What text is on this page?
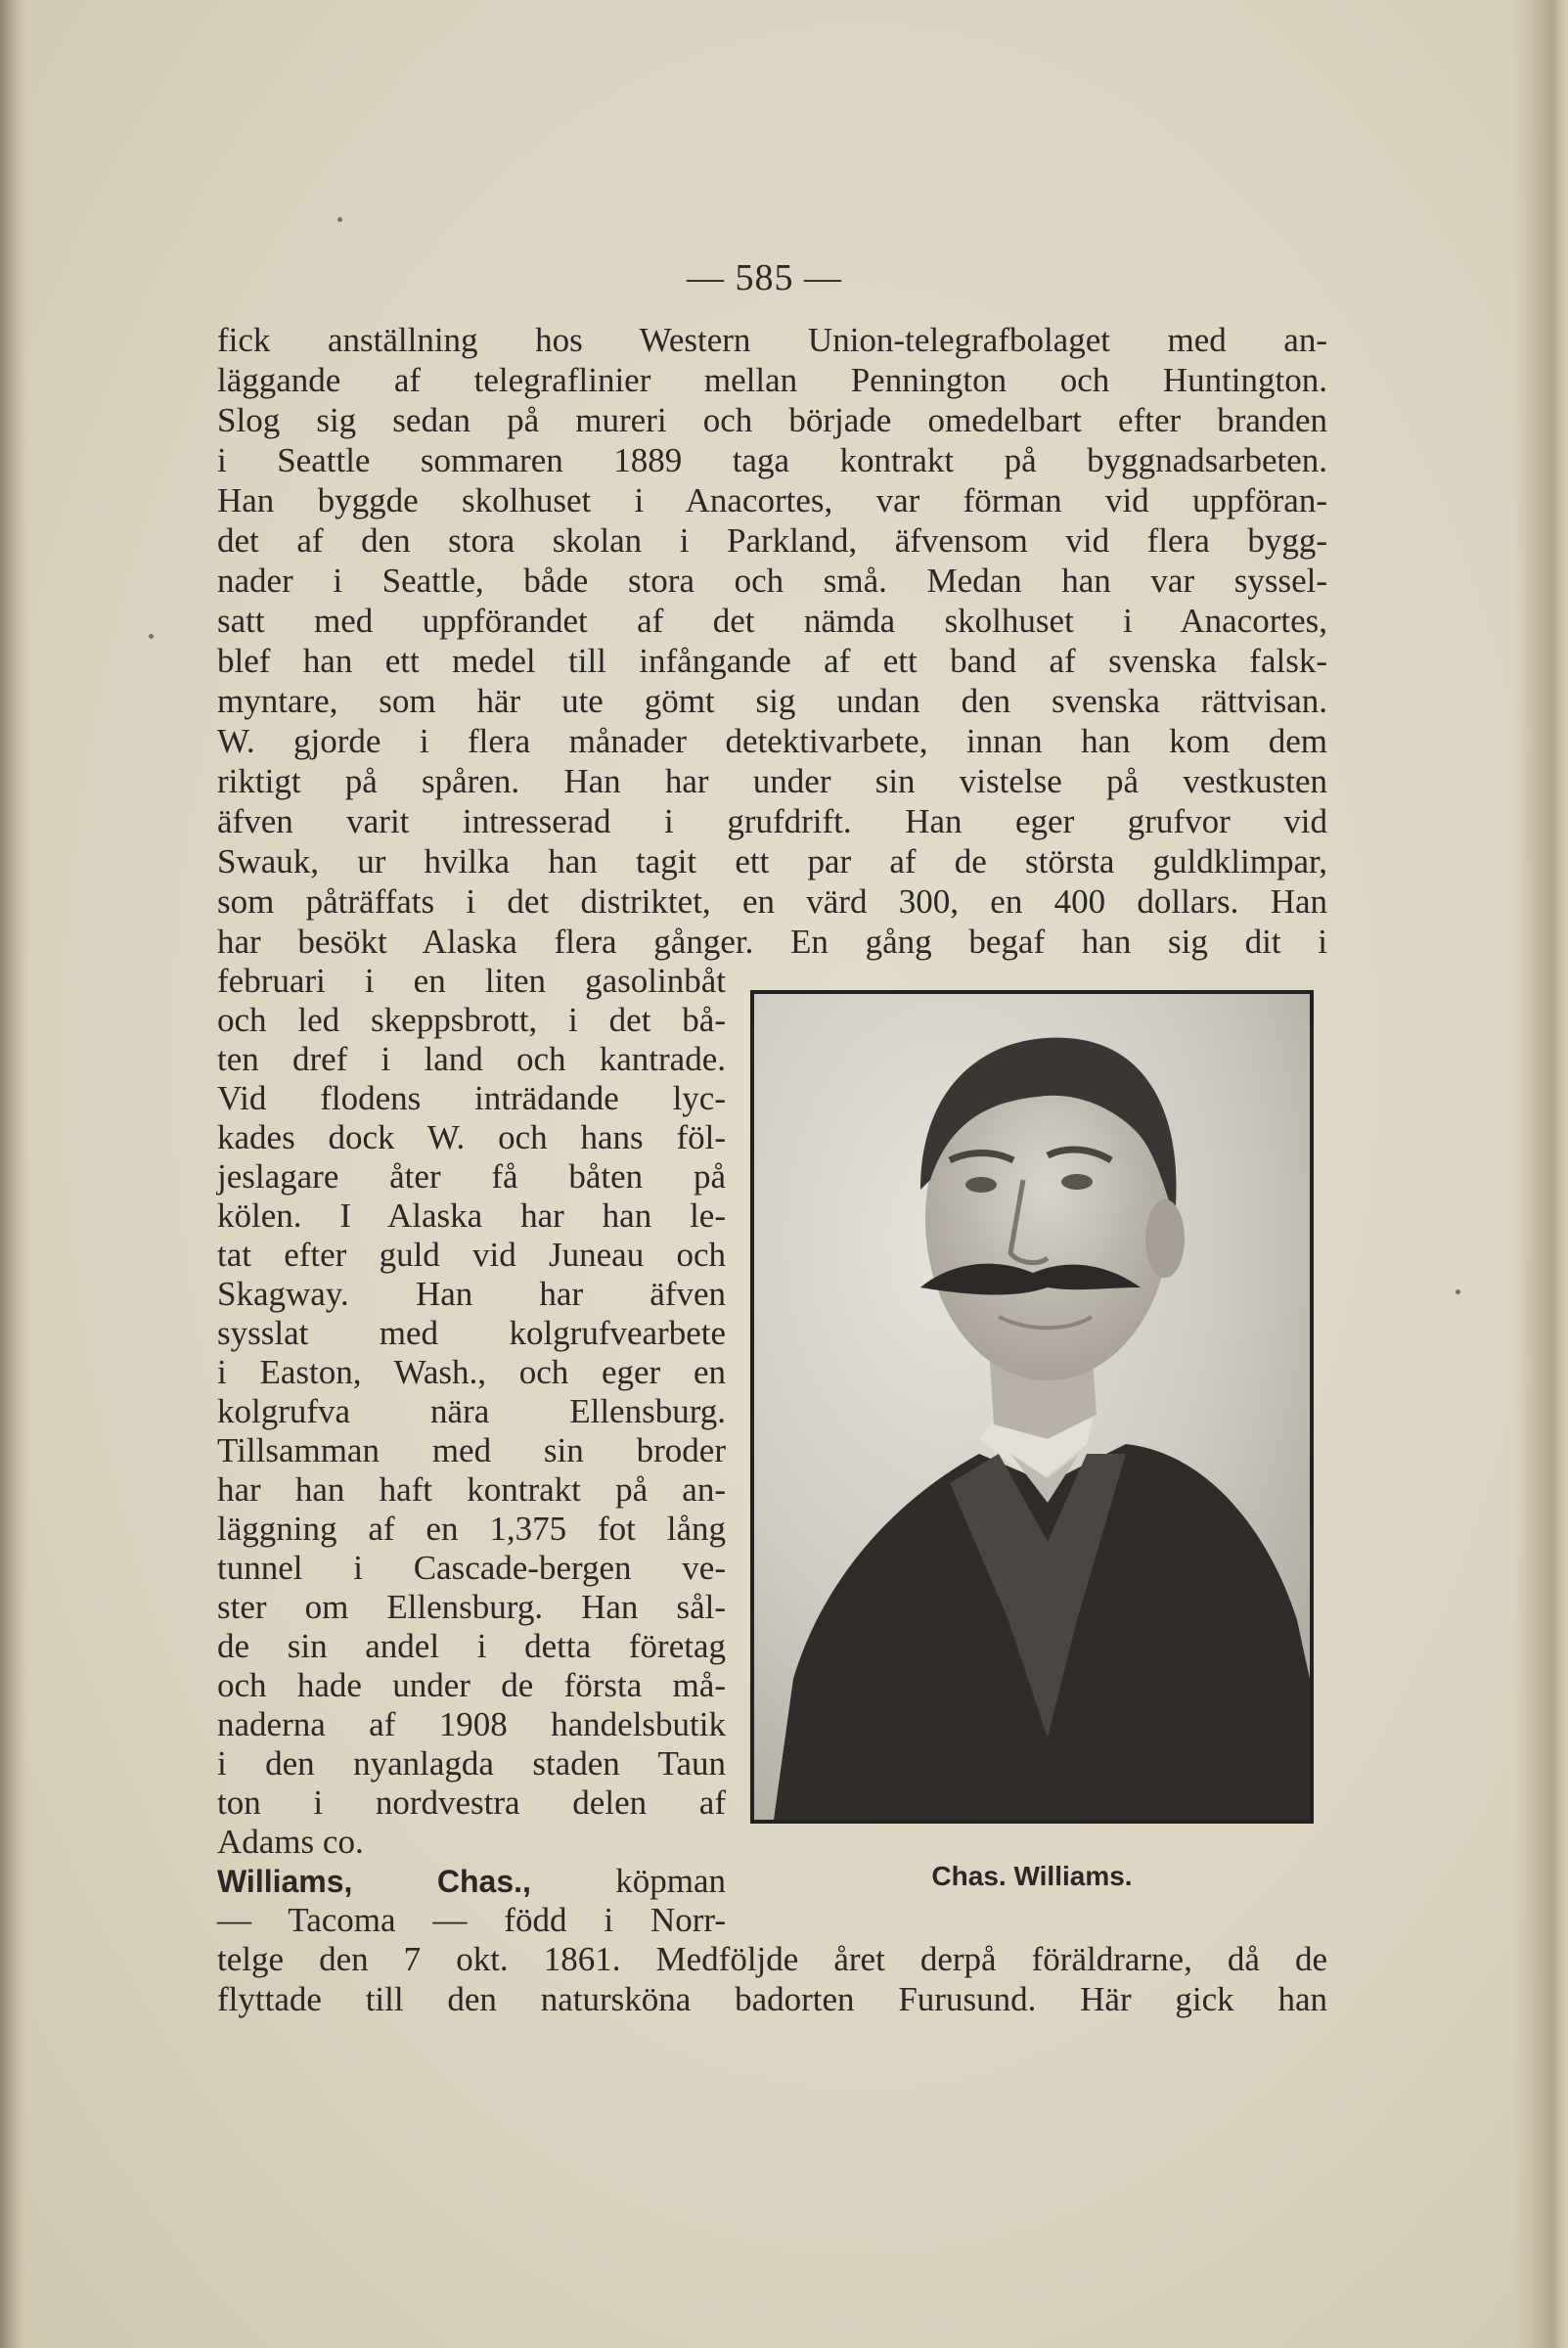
— 585 —
fick anställning hos Western Union-telegrafbolaget med an-
läggande af telegraflinier mellan Pennington och Huntington.
Slog sig sedan på mureri och började omedelbart efter branden
i Seattle sommaren 1889 taga kontrakt på byggnadsarbeten.
Han byggde skolhuset i Anacortes, var förman vid uppföran-
det af den stora skolan i Parkland, äfvensom vid flera bygg-
nader i Seattle, både stora och små. Medan han var syssel-
satt med uppförandet af det nämda skolhuset i Anacortes,
blef han ett medel till infångande af ett band af svenska falsk-
myntare, som här ute gömt sig undan den svenska rättvisan.
W. gjorde i flera månader detektivarbete, innan han kom dem
riktigt på spåren. Han har under sin vistelse på vestkusten
äfven varit intresserad i grufdrift. Han eger grufvor vid
Swauk, ur hvilka han tagit ett par af de största guldklimpar,
som påträffats i det distriktet, en värd 300, en 400 dollars. Han
har besökt Alaska flera gånger. En gång begaf han sig dit i
februari i en liten gasolinbåt
och led skeppsbrott, i det bå-
ten dref i land och kantrade.
Vid flodens inträdande lyc-
kades dock W. och hans föl-
jeslagare åter få båten på
kölen. I Alaska har han le-
tat efter guld vid Juneau och
Skagway. Han har äfven
sysslat med kolgrufvearbete
i Easton, Wash., och eger en
kolgrufva nära Ellensburg.
Tillsamman med sin broder
har han haft kontrakt på an-
läggning af en 1,375 fot lång
tunnel i Cascade-bergen ve-
ster om Ellensburg. Han sål-
de sin andel i detta företag
och hade under de första må-
naderna af 1908 handelsbutik
i den nyanlagda staden Taun
ton i nordvestra delen af
Adams co.
Williams, Chas., köpman
— Tacoma — född i Norr-
telge den 7 okt. 1861. Medföljde året derpå föräldrarne, då de
flyttade till den natursköna badorten Furusund. Här gick han
Chas. Williams.
